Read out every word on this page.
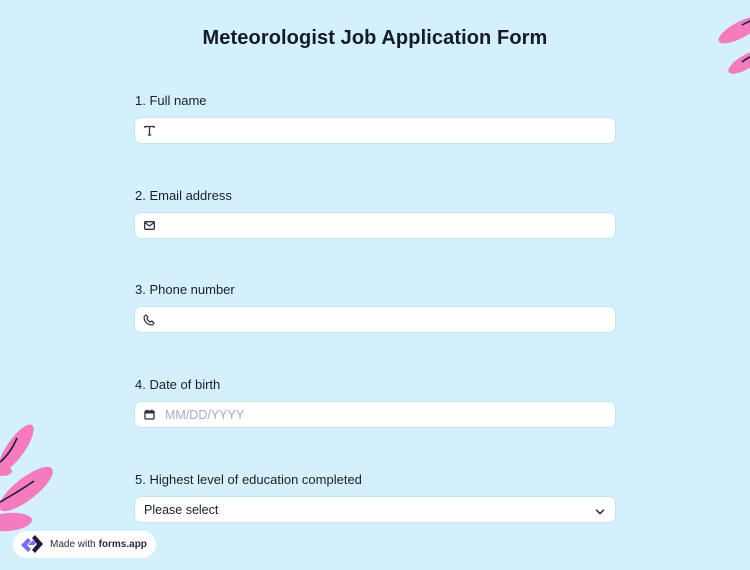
Meteorologist Job Application Form
1. Full name
2. Email address
3. Phone number
4. Date of birth
MM/DD/YYYY
5. Highest level of education completed
Please select
Made with forms.app
